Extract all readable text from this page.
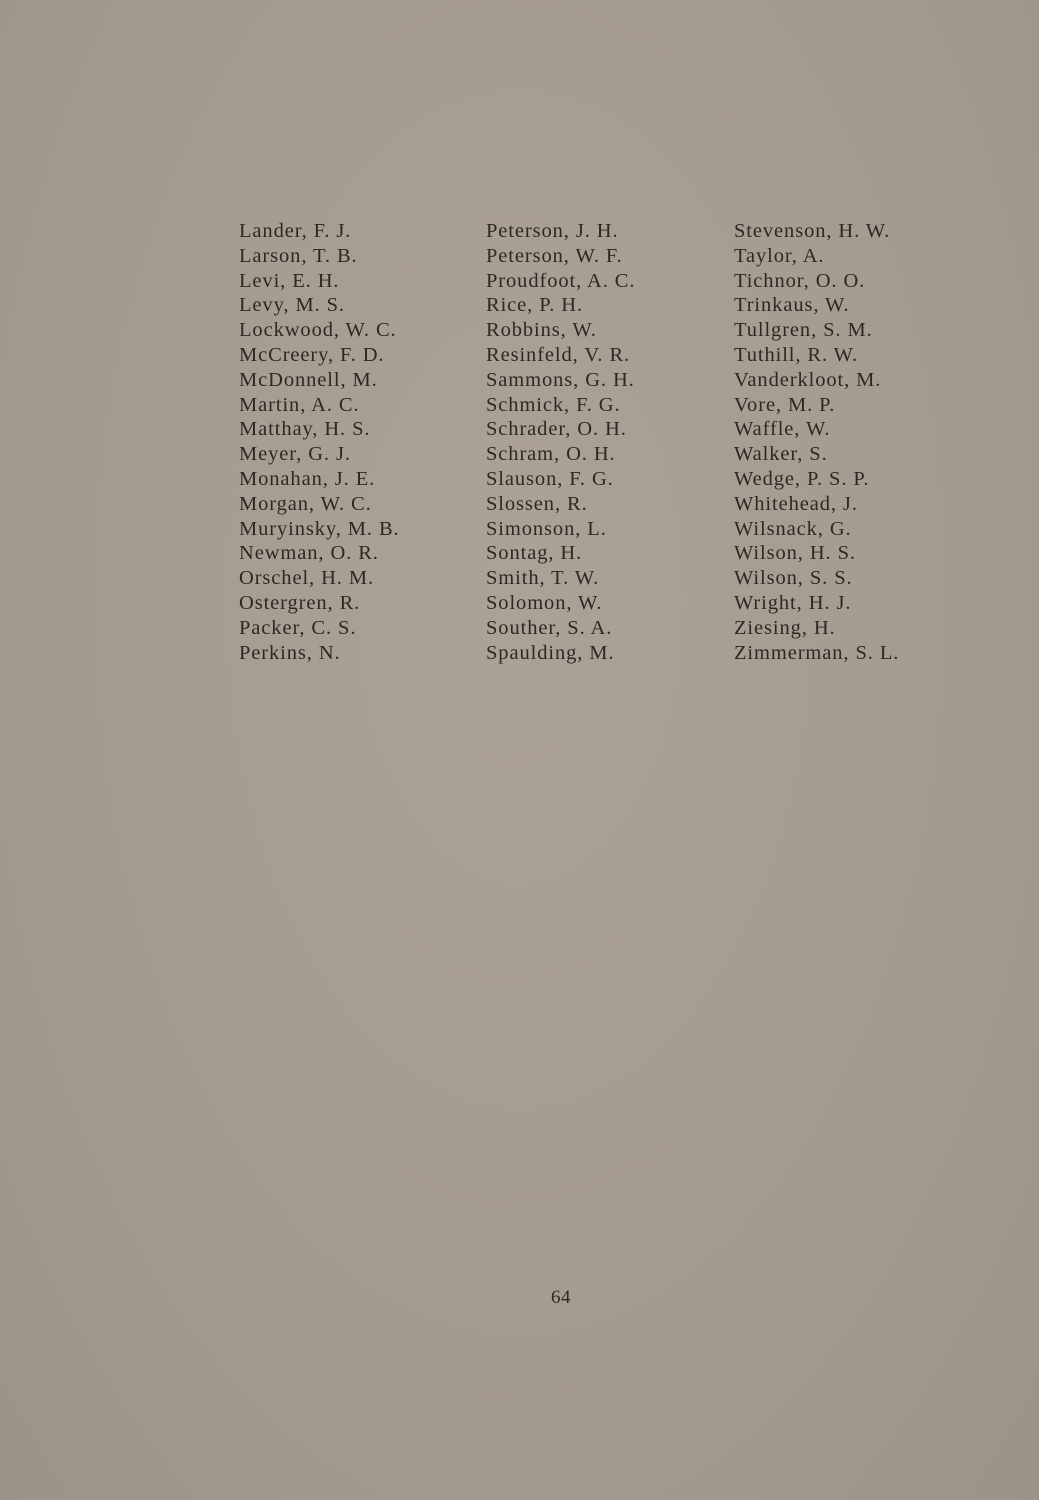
Lander, F. J.
Larson, T. B.
Levi, E. H.
Levy, M. S.
Lockwood, W. C.
McCreery, F. D.
McDonnell, M.
Martin, A. C.
Matthay, H. S.
Meyer, G. J.
Monahan, J. E.
Morgan, W. C.
Muryinsky, M. B.
Newman, O. R.
Orschel, H. M.
Ostergren, R.
Packer, C. S.
Perkins, N.
Peterson, J. H.
Peterson, W. F.
Proudfoot, A. C.
Rice, P. H.
Robbins, W.
Resinfeld, V. R.
Sammons, G. H.
Schmick, F. G.
Schrader, O. H.
Schram, O. H.
Slauson, F. G.
Slossen, R.
Simonson, L.
Sontag, H.
Smith, T. W.
Solomon, W.
Souther, S. A.
Spaulding, M.
Stevenson, H. W.
Taylor, A.
Tichnor, O. O.
Trinkaus, W.
Tullgren, S. M.
Tuthill, R. W.
Vanderkloot, M.
Vore, M. P.
Waffle, W.
Walker, S.
Wedge, P. S. P.
Whitehead, J.
Wilsnack, G.
Wilson, H. S.
Wilson, S. S.
Wright, H. J.
Ziesing, H.
Zimmerman, S. L.
64
